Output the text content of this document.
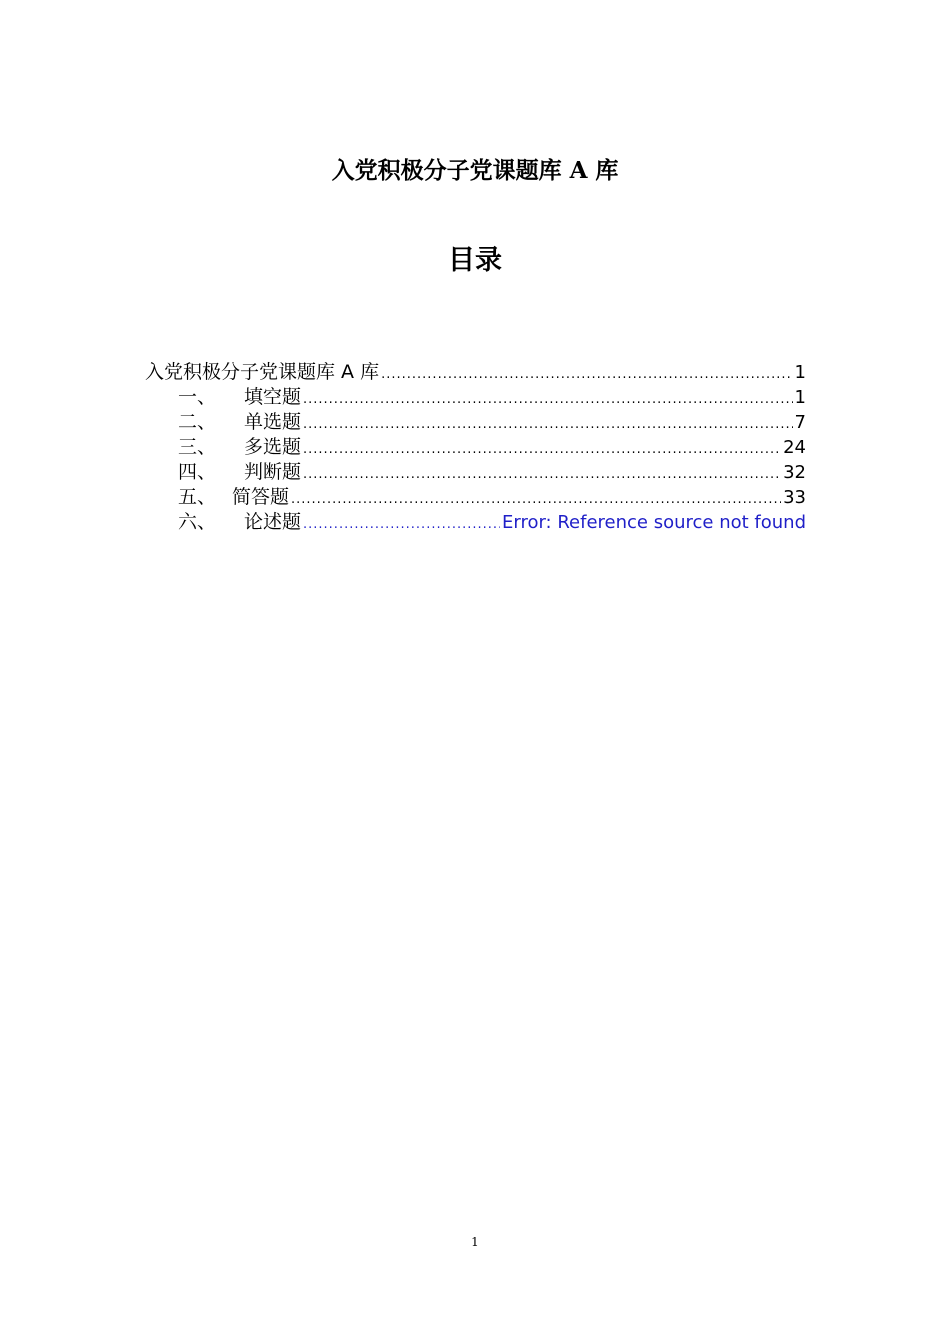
入党积极分子党课题库 A 库
目录
入党积极分子党课题库 A 库 .....	1
一、	填空题 .....	1
二、	单选题 .....	7
三、	多选题 .....	24
四、	判断题 .....	32
五、 简答题 .....	33
六、	论述题 .....	Error: Reference source not found
1
